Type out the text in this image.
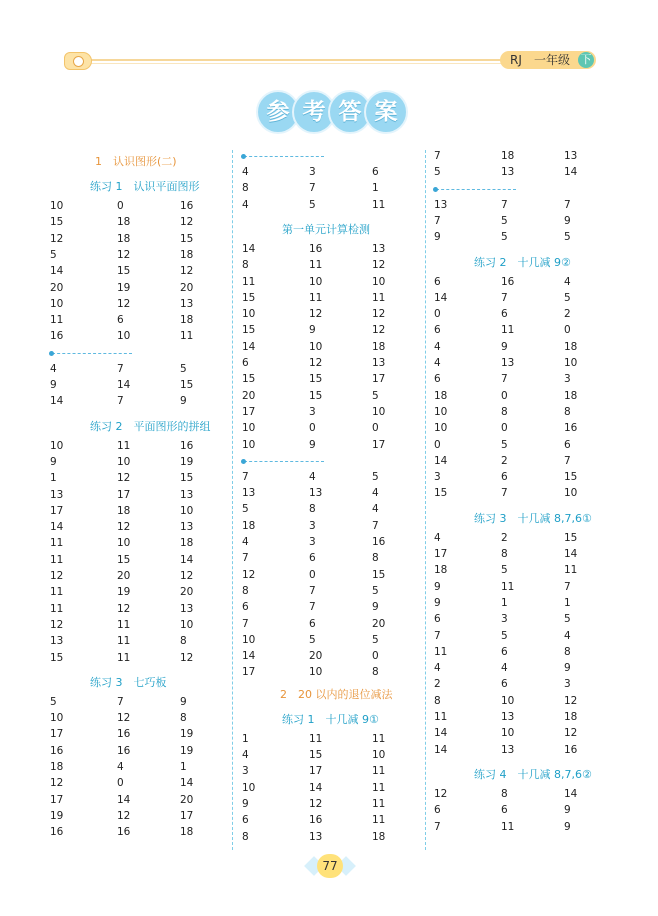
RJ 一年级 下
参 考 答 案
1　认识图形(二)
练习 1　认识平面图形
10	0	16
15	18	12
12	18	15
5	12	18
14	15	12
20	19	20
10	12	13
11	6	18
16	10	11
4	7	5
9	14	15
14	7	9
练习 2　平面图形的拼组
10	11	16
9	10	19
1	12	15
13	17	13
17	18	10
14	12	13
11	10	18
11	15	14
12	20	12
11	19	20
11	12	13
12	11	10
13	11	8
15	11	12
练习 3　七巧板
5	7	9
10	12	8
17	16	19
16	16	19
18	4	1
12	0	14
17	14	20
19	12	17
16	16	18
4	3	6
8	7	1
4	5	11
第一单元计算检测
14	16	13
8	11	12
11	10	10
15	11	11
10	12	12
15	9	12
14	10	18
6	12	13
15	15	17
20	15	5
17	3	10
10	0	0
10	9	17
7	4	5
13	13	4
5	8	4
18	3	7
4	3	16
7	6	8
12	0	15
8	7	5
6	7	9
7	6	20
10	5	5
14	20	0
17	10	8
2　20 以内的退位减法
练习 1　十几减 9①
1	11	11
4	15	10
3	17	11
10	14	11
9	12	11
6	16	11
8	13	18
7	18	13
5	13	14
13	7	7
7	5	9
9	5	5
练习 2　十几减 9②
6	16	4
14	7	5
0	6	2
6	11	0
4	9	18
4	13	10
6	7	3
18	0	18
10	8	8
10	0	16
0	5	6
14	2	7
3	6	15
15	7	10
练习 3　十几减 8,7,6①
4	2	15
17	8	14
18	5	11
9	11	7
9	1	1
6	3	5
7	5	4
11	6	8
4	4	9
2	6	3
8	10	12
11	13	18
14	10	12
14	13	16
练习 4　十几减 8,7,6②
12	8	14
6	6	9
7	11	9
77
